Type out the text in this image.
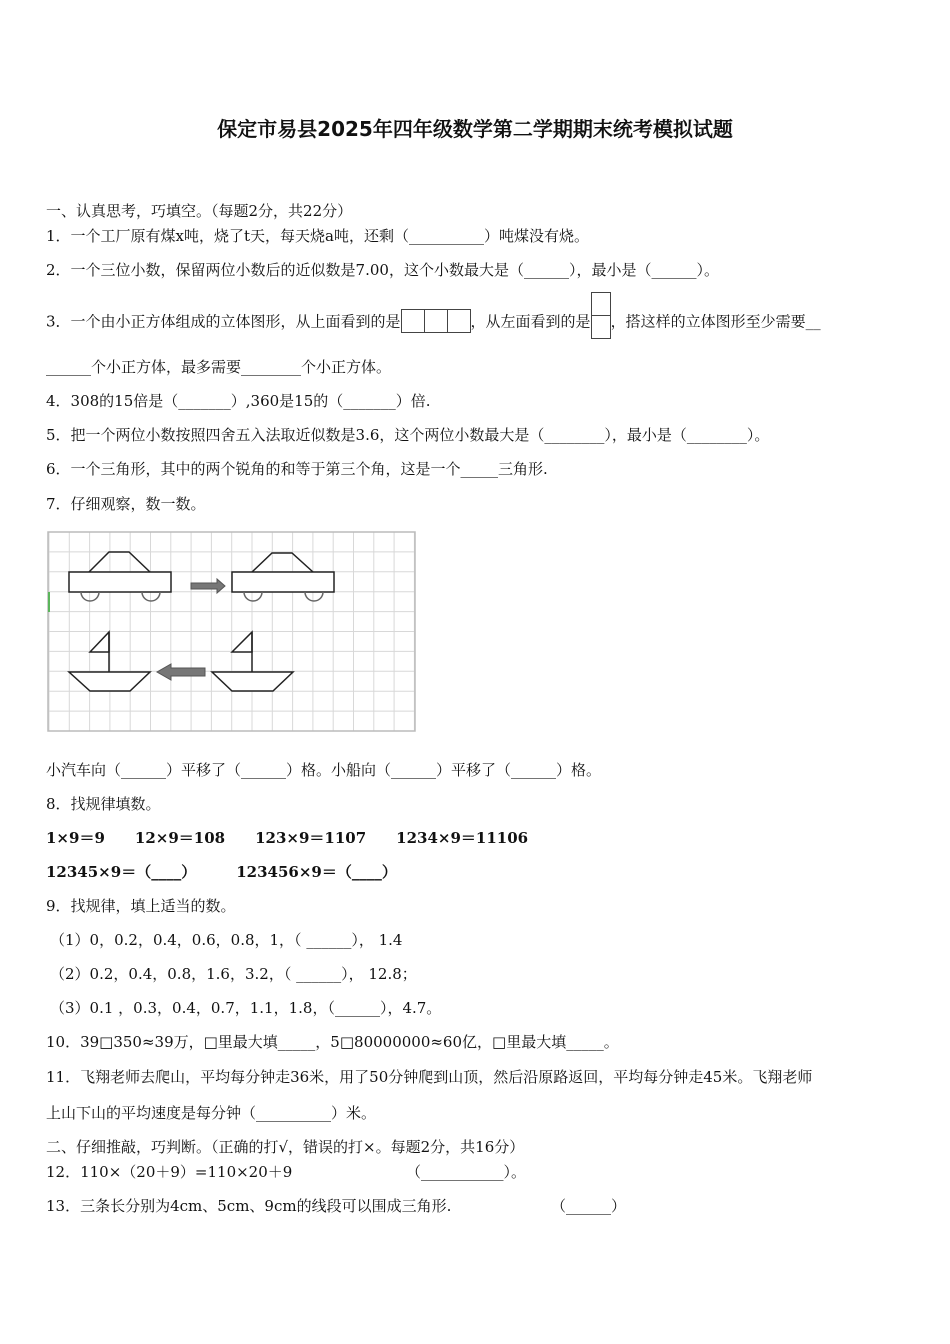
保定市易县2025年四年级数学第二学期期末统考模拟试题
一、认真思考，巧填空。（每题2分，共22分）
1．一个工厂原有煤x吨，烧了t天，每天烧a吨，还剩（__________）吨煤没有烧。
2．一个三位小数，保留两位小数后的近似数是7.00，这个小数最大是（______），最小是（______）。
3．一个由小正方体组成的立体图形，从上面看到的是	，从左面看到的是 ，搭这样的立体图形至少需要__
______个小正方体，最多需要________个小正方体。
4．308的15倍是（_______）,360是15的（_______）倍.
5．把一个两位小数按照四舍五入法取近似数是3.6，这个两位小数最大是（________），最小是（________）。
6．一个三角形，其中的两个锐角的和等于第三个角，这是一个_____三角形.
7．仔细观察，数一数。
小汽车向（______）平移了（______）格。小船向（______）平移了（______）格。
8．找规律填数。
1×9＝9 12×9＝108 123×9＝1107 1234×9＝11106
12345×9＝（____）	123456×9＝（____）
9．找规律，填上适当的数。
（1）0，0.2，0.4，0.6，0.8，1，（ ______）， 1.4
（2）0.2，0.4，0.8，1.6，3.2，（ ______）， 12.8；
（3）0.1 ，0.3，0.4，0.7，1.1，1.8，（______），4.7。
10．39□350≈39万，□里最大填_____，5□80000000≈60亿，□里最大填_____。
11．飞翔老师去爬山，平均每分钟走36米，用了50分钟爬到山顶，然后沿原路返回，平均每分钟走45米。飞翔老师
上山下山的平均速度是每分钟（__________）米。
二、仔细推敲，巧判断。（正确的打√，错误的打×。每题2分，共16分）
12．110×（20＋9）=110×20＋9	（___________）。
13．三条长分别为4cm、5cm、9cm的线段可以围成三角形.	（______）
